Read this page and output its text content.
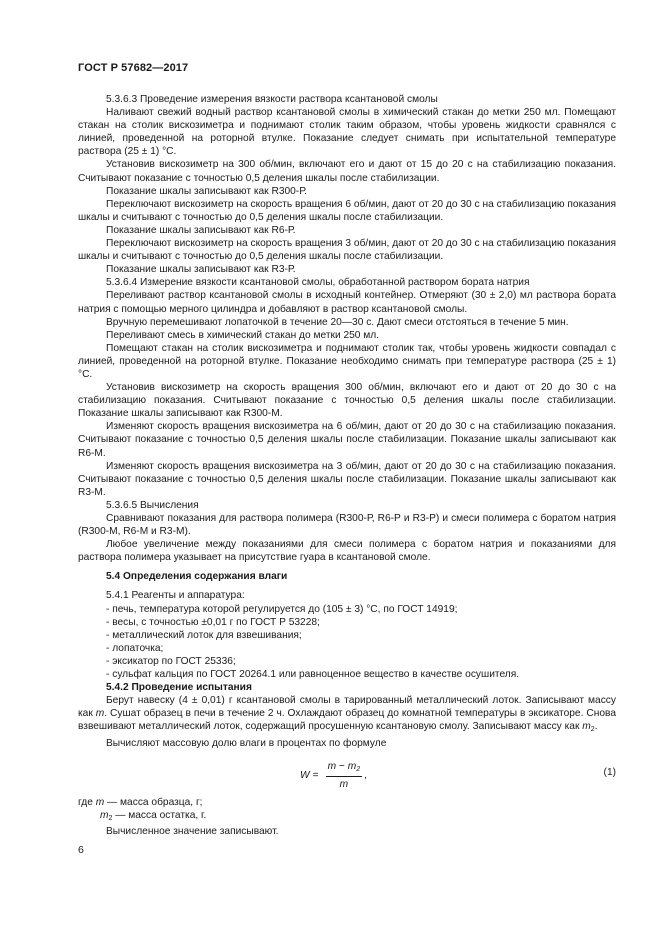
ГОСТ Р 57682—2017

5.3.6.3 Проведение измерения вязкости раствора ксантановой смолы

Наливают свежий водный раствор ксантановой смолы в химический стакан до метки 250 мл. Помещают стакан на столик вискозиметра и поднимают столик таким образом, чтобы уровень жидкости сравнялся с линией, проведенной на роторной втулке. Показание следует снимать при испытательной температуре раствора (25 ± 1) °С.

Установив вискозиметр на 300 об/мин, включают его и дают от 15 до 20 с на стабилизацию показания. Считывают показание с точностью 0,5 деления шкалы после стабилизации.

Показание шкалы записывают как R300-Р.

Переключают вискозиметр на скорость вращения 6 об/мин, дают от 20 до 30 с на стабилизацию показания шкалы и считывают с точностью до 0,5 деления шкалы после стабилизации.

Показание шкалы записывают как R6-Р.

Переключают вискозиметр на скорость вращения 3 об/мин, дают от 20 до 30 с на стабилизацию показания шкалы и считывают с точностью до 0,5 деления шкалы после стабилизации.

Показание шкалы записывают как R3-Р.

5.3.6.4 Измерение вязкости ксантановой смолы, обработанной раствором бората натрия

Переливают раствор ксантановой смолы в исходный контейнер. Отмеряют (30 ± 2,0) мл раствора бората натрия с помощью мерного цилиндра и добавляют в раствор ксантановой смолы.

Вручную перемешивают лопаточкой в течение 20—30 с. Дают смеси отстояться в течение 5 мин.

Переливают смесь в химический стакан до метки 250 мл.

Помещают стакан на столик вискозиметра и поднимают столик так, чтобы уровень жидкости совпадал с линией, проведенной на роторной втулке. Показание необходимо снимать при температуре раствора (25 ± 1) °С.

Установив вискозиметр на скорость вращения 300 об/мин, включают его и дают от 20 до 30 с на стабилизацию показания. Считывают показание с точностью 0,5 деления шкалы после стабилизации. Показание шкалы записывают как R300-М.

Изменяют скорость вращения вискозиметра на 6 об/мин, дают от 20 до 30 с на стабилизацию показания. Считывают показание с точностью 0,5 деления шкалы после стабилизации. Показание шкалы записывают как R6-М.

Изменяют скорость вращения вискозиметра на 3 об/мин, дают от 20 до 30 с на стабилизацию показания. Считывают показание с точностью 0,5 деления шкалы после стабилизации. Показание шкалы записывают как R3-М.

5.3.6.5 Вычисления

Сравнивают показания для раствора полимера (R300-Р, R6-Р и R3-Р) и смеси полимера с боратом натрия (R300-М, R6-М и R3-М).

Любое увеличение между показаниями для смеси полимера с боратом натрия и показаниями для раствора полимера указывает на присутствие гуара в ксантановой смоле.

5.4 Определения содержания влаги

5.4.1 Реагенты и аппаратура:

- печь, температура которой регулируется до (105 ± 3) °С, по ГОСТ 14919;

- весы, с точностью ±0,01 г по ГОСТ Р 53228;

- металлический лоток для взвешивания;

- лопаточка;

- эксикатор по ГОСТ 25336;

- сульфат кальция по ГОСТ 20264.1 или равноценное вещество в качестве осушителя.

5.4.2 Проведение испытания

Берут навеску (4 ± 0,01) г ксантановой смолы в тарированный металлический лоток. Записывают массу как m. Сушат образец в печи в течение 2 ч. Охлаждают образец до комнатной температуры в эксикаторе. Снова взвешивают металлический лоток, содержащий просушенную ксантановую смолу. Записывают массу как $m_2$.

Вычисляют массовую долю влаги в процентах по формуле

$W = \frac{m - m_2}{m}$ ,	(1)

где m — масса образца, г;

$m_2$ — масса остатка, г.

Вычисленное значение записывают.

6
